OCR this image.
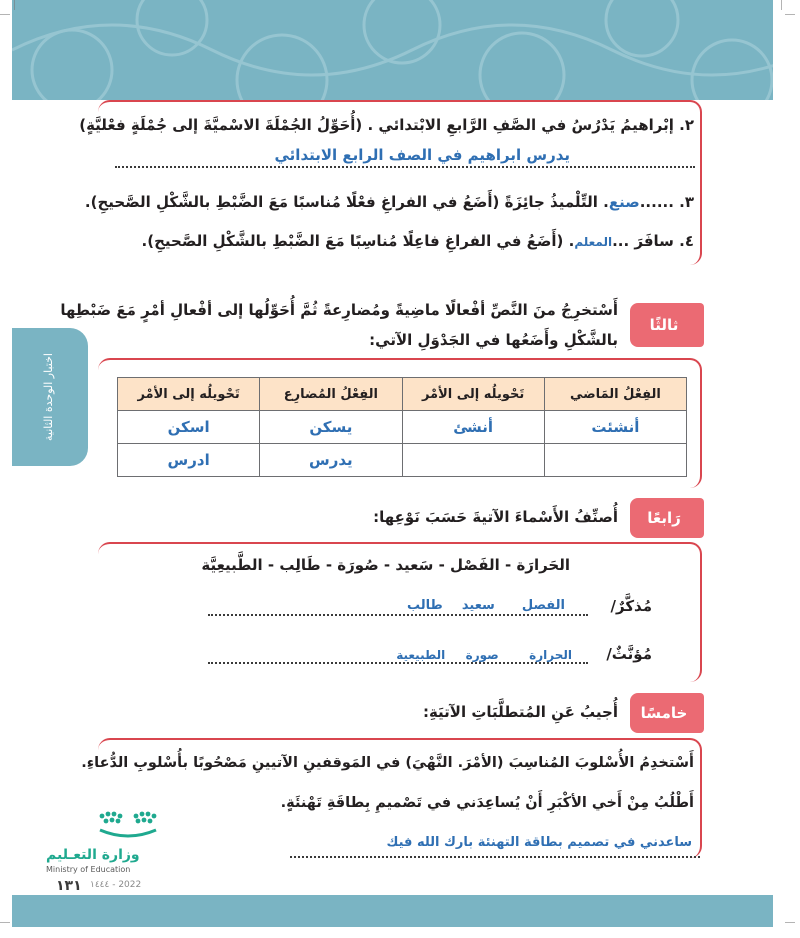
٢. إبْراهيمُ يَدْرُسُ في الصَّفِ الرَّابعِ الابْتدائي . (أُحَوِّلُ الجُمْلَةَ الاسْميَّةَ إلى جُمْلَةٍ فعْليَّةٍ)
يدرس ابراهيم في الصف الرابع الابتدائي
٣. ......صنع. التِّلْميذُ جائِزَةً (أَضَعُ في الفراغِ فعْلًا مُناسبًا مَعَ الضَّبْطِ بالشَّكْلِ الصَّحيحِ).
٤. سافَرَ ...المعلم. (أَضَعُ في الفراغِ فاعِلًا مُناسِبًا مَعَ الضَّبْطِ بالشَّكْلِ الصَّحيحِ).
اختبار الوحدة الثانية
ثالثًا
أَسْتخرِجُ منَ النَّصِّ أفْعالًا ماضِيةً ومُضارِعةً ثُمَّ أُحَوِّلُها إلى أفْعالِ أمْرٍ مَعَ ضَبْطِها
بالشَّكْلِ وأَضَعُها في الجَدْوَلِ الآتي:
الفِعْلُ المَاضي	تَحْويلُه إلى الأمْر	الفِعْلُ المُضارِع	تَحْويلُه إلى الأمْر
أنشئت	أنشئ	يسكن	اسكن
		يدرس	ادرس
رَابعًا
أُصنِّفُ الأَسْماءَ الآتيةَ حَسَبَ نَوْعِها:
الحَرارَة - الفَصْل - سَعيد - صُورَة - طَالِب - الطَّبيعِيَّة
مُذكَّرٌ/
الفصل  سعيد  طالب
مُؤنَّثٌ/
الحرارة  صورة  الطبيعية
خامسًا
أُجيبُ عَنِ المُتطلَّبَاتِ الآتيَةِ:
أَسْتخدِمُ الأُسْلوبَ المُناسِبَ (الأمْرَ. النَّهْيَ) في المَوقفينِ الآتيينِ مَصْحُوبًا بأُسْلوبِ الدُّعاءِ.
أَطْلُبُ مِنْ أَخي الأكْبَرِ أَنْ يُساعِدَني في تَصْميمِ بِطاقَةِ تَهْنئَةٍ.
ساعدني في تصميم بطاقة التهنئة بارك الله فيك
وزارة التعـليم
Ministry of Education
١٣١ ١٤٤٤ - 2022
